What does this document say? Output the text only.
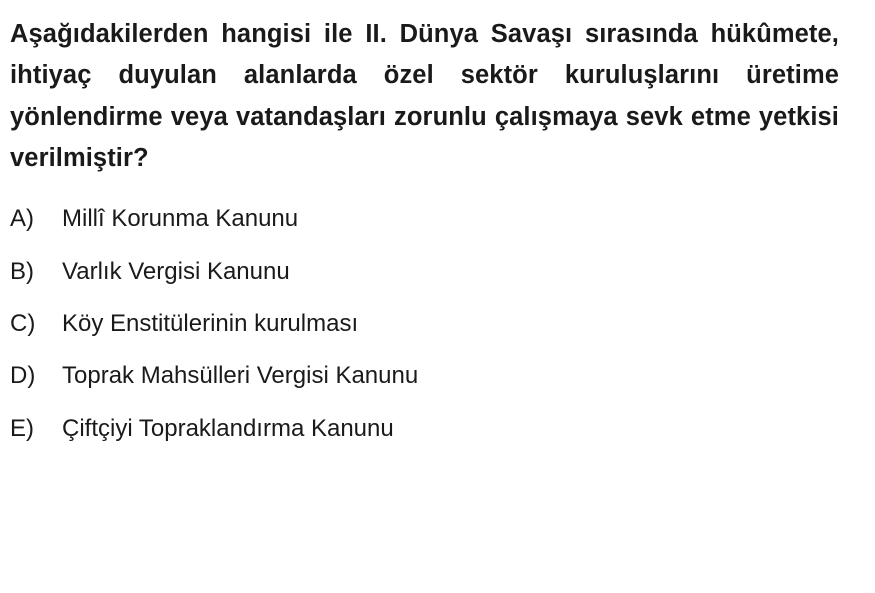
Aşağıdakilerden hangisi ile II. Dünya Savaşı sırasında hükûmete, ihtiyaç duyulan alanlarda özel sektör kuruluşlarını üretime yönlendirme veya vatandaşları zorunlu çalışmaya sevk etme yetkisi verilmiştir?

A)	Millî Korunma Kanunu
B)	Varlık Vergisi Kanunu
C)	Köy Enstitülerinin kurulması
D)	Toprak Mahsülleri Vergisi Kanunu
E)	Çiftçiyi Topraklandırma Kanunu
